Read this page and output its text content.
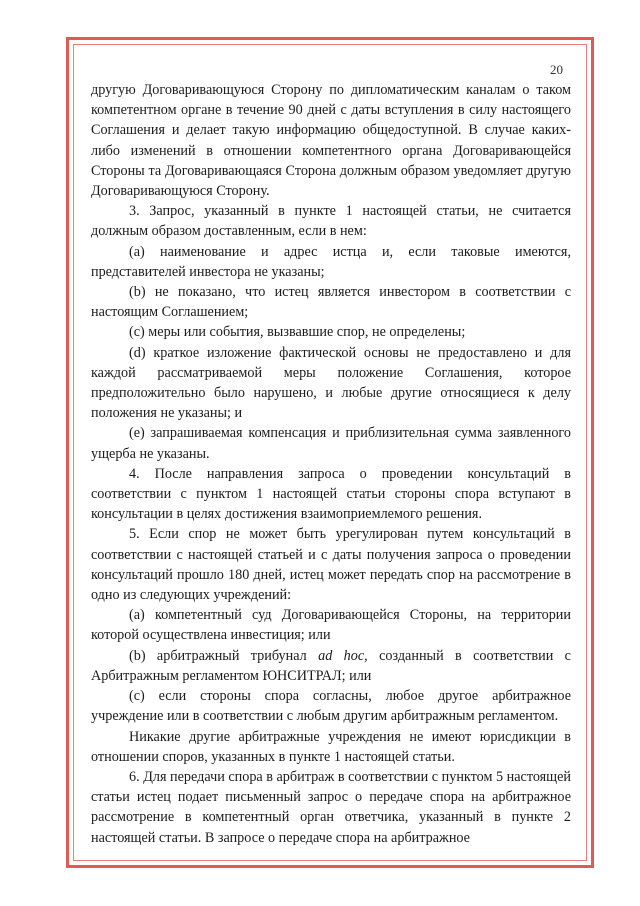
20

другую Договаривающуюся Сторону по дипломатическим каналам о таком компетентном органе в течение 90 дней с даты вступления в силу настоящего Соглашения и делает такую информацию общедоступной. В случае каких-либо изменений в отношении компетентного органа Договаривающейся Стороны та Договаривающаяся Сторона должным образом уведомляет другую Договаривающуюся Сторону.

3. Запрос, указанный в пункте 1 настоящей статьи, не считается должным образом доставленным, если в нем:

(a) наименование и адрес истца и, если таковые имеются, представителей инвестора не указаны;

(b) не показано, что истец является инвестором в соответствии с настоящим Соглашением;

(c) меры или события, вызвавшие спор, не определены;

(d) краткое изложение фактической основы не предоставлено и для каждой рассматриваемой меры положение Соглашения, которое предположительно было нарушено, и любые другие относящиеся к делу положения не указаны; и

(e) запрашиваемая компенсация и приблизительная сумма заявленного ущерба не указаны.

4. После направления запроса о проведении консультаций в соответствии с пунктом 1 настоящей статьи стороны спора вступают в консультации в целях достижения взаимоприемлемого решения.

5. Если спор не может быть урегулирован путем консультаций в соответствии с настоящей статьей и с даты получения запроса о проведении консультаций прошло 180 дней, истец может передать спор на рассмотрение в одно из следующих учреждений:

(a) компетентный суд Договаривающейся Стороны, на территории которой осуществлена инвестиция; или

(b) арбитражный трибунал ad hoc, созданный в соответствии с Арбитражным регламентом ЮНСИТРАЛ; или

(c) если стороны спора согласны, любое другое арбитражное учреждение или в соответствии с любым другим арбитражным регламентом.

Никакие другие арбитражные учреждения не имеют юрисдикции в отношении споров, указанных в пункте 1 настоящей статьи.

6. Для передачи спора в арбитраж в соответствии с пунктом 5 настоящей статьи истец подает письменный запрос о передаче спора на арбитражное рассмотрение в компетентный орган ответчика, указанный в пункте 2 настоящей статьи. В запросе о передаче спора на арбитражное
